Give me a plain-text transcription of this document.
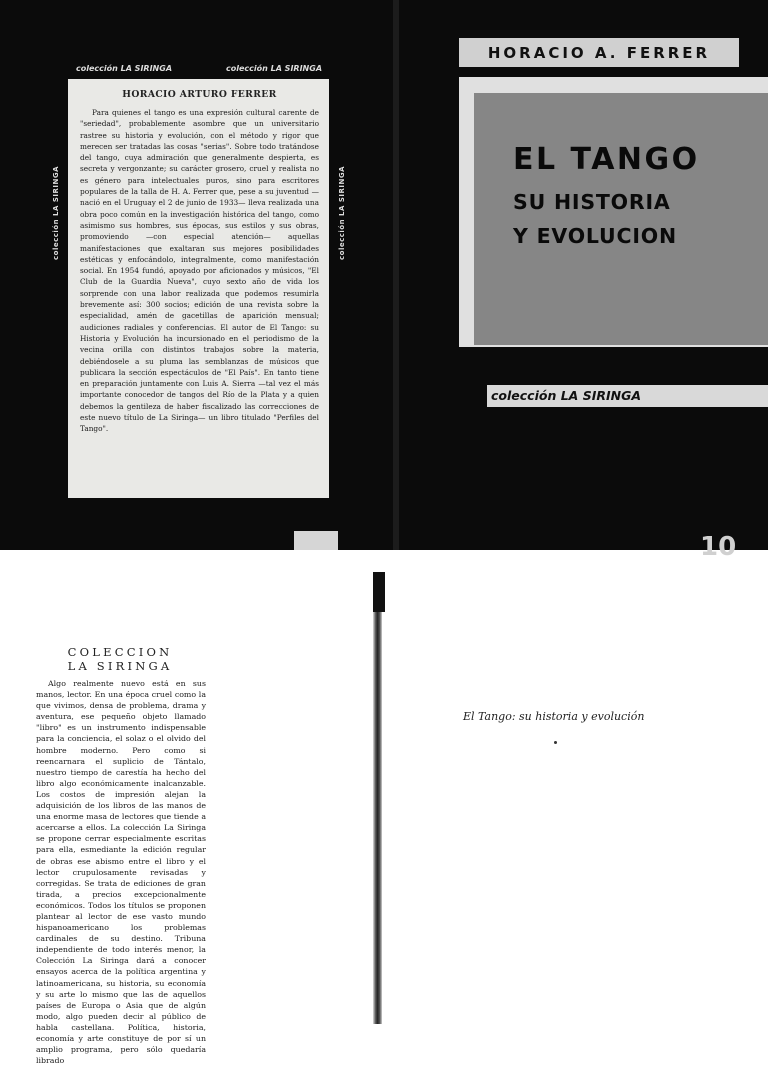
colección LA SIRINGA	colección LA SIRINGA
colección LA SIRINGA	colección LA SIRINGA
HORACIO ARTURO FERRER

Para quienes el tango es una expresión cultural carente de "seriedad", probablemente asombre que un universitario rastree su historia y evolución, con el método y rigor que merecen ser tratadas las cosas "serias". Sobre todo tratándose del tango, cuya admiración que generalmente despierta, es secreta y vergonzante; su carácter grosero, cruel y realista no es género para intelectuales puros, sino para escritores populares de la talla de H. A. Ferrer que, pese a su juventud —nació en el Uruguay el 2 de junio de 1933— lleva realizada una obra poco común en la investigación histórica del tango, como asimismo sus hombres, sus épocas, sus estilos y sus obras, promoviendo —con especial atención— aquellas manifestaciones que exaltaran sus mejores posibilidades estéticas y enfocándolo, integralmente, como manifestación social. En 1954 fundó, apoyado por aficionados y músicos, "El Club de la Guardia Nueva", cuyo sexto año de vida los sorprende con una labor realizada que podemos resumirla brevemente así: 300 socios; edición de una revista sobre la especialidad, amén de gacetillas de aparición mensual; audiciones radiales y conferencias. El autor de El Tango: su Historia y Evolución ha incursionado en el periodismo de la vecina orilla con distintos trabajos sobre la materia, debiéndosele a su pluma las semblanzas de músicos que publicara la sección espectáculos de "El País". En tanto tiene en preparación juntamente con Luis A. Sierra —tal vez el más importante conocedor de tangos del Río de la Plata y a quien debemos la gentileza de haber fiscalizado las correcciones de este nuevo título de La Siringa— un libro titulado "Perfiles del Tango".

HORACIO A. FERRER
EL TANGO
SU HISTORIA
Y EVOLUCION
colección LA SIRINGA
10
COLECCION
LA SIRINGA

Algo realmente nuevo está en sus manos, lector. En una época cruel como la que vivimos, densa de problema, drama y aventura, ese pequeño objeto llamado "libro" es un instrumento indispensable para la conciencia, el solaz o el olvido del hombre moderno. Pero como si reencarnara el suplicio de Tántalo, nuestro tiempo de carestía ha hecho del libro algo económicamente inalcanzable. Los costos de impresión alejan la adquisición de los libros de las manos de una enorme masa de lectores que tiende a acercarse a ellos. La colección La Siringa se propone cerrar especialmente escritas para ella, esmediante la edición regular de obras ese abismo entre el libro y el lector crupulosamente revisadas y corregidas. Se trata de ediciones de gran tirada, a precios excepcionalmente económicos. Todos los títulos se proponen plantear al lector de ese vasto mundo hispanoamericano los problemas cardinales de su destino. Tribuna independiente de todo interés menor, la Colección La Siringa dará a conocer ensayos acerca de la política argentina y latinoamericana, su historia, su economía y su arte lo mismo que las de aquellos países de Europa o Asia que de algún modo, algo pueden decir al público de habla castellana. Política, historia, economía y arte constituye de por sí un amplio programa, pero sólo quedaría librado

El Tango: su historia y evolución
